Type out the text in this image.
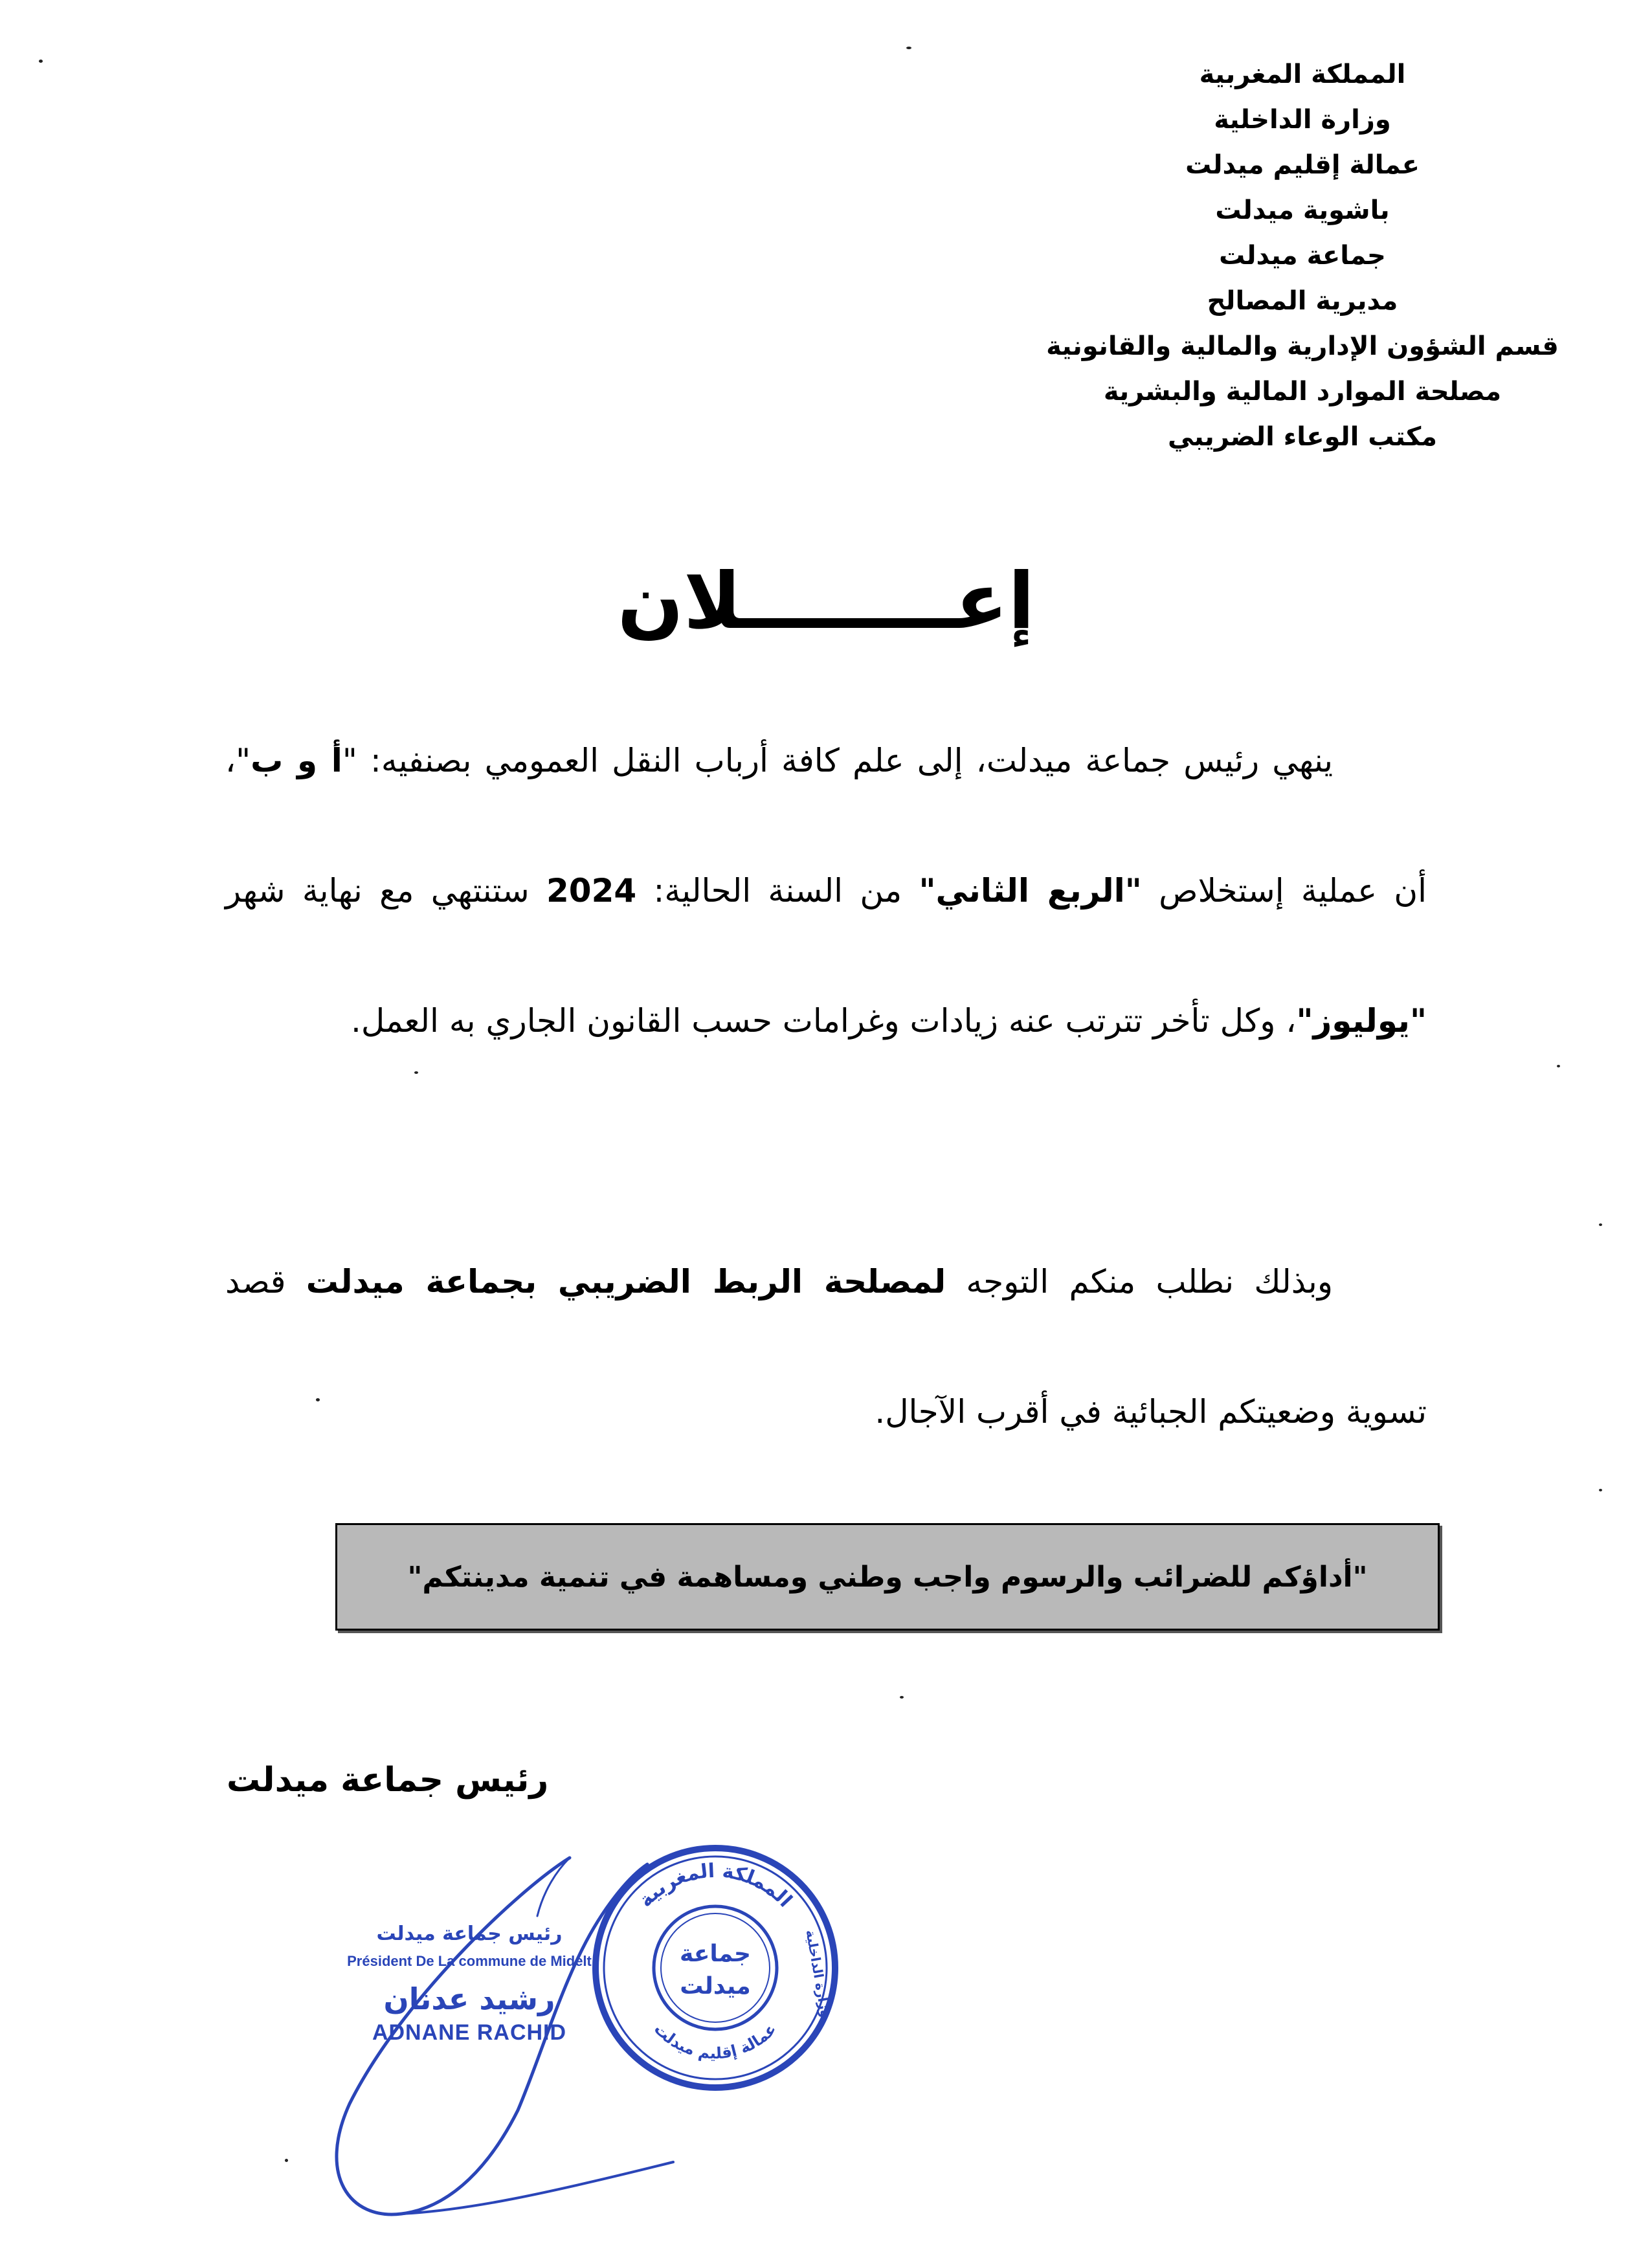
المملكة المغربية
وزارة الداخلية
عمالة إقليم ميدلت
باشوية ميدلت
جماعة ميدلت
مديرية المصالح
قسم الشؤون الإدارية والمالية والقانونية
مصلحة الموارد المالية والبشرية
مكتب الوعاء الضريبي
إعــــــــلان
ينهي رئيس جماعة ميدلت، إلى علم كافة أرباب النقل العمومي بصنفيه: "أ و ب"، أن عملية إستخلاص "الربع الثاني" من السنة الحالية: 2024 ستنتهي مع نهاية شهر "يوليوز"، وكل تأخر تترتب عنه زيادات وغرامات حسب القانون الجاري به العمل.
وبذلك نطلب منكم التوجه لمصلحة الربط الضريبي بجماعة ميدلت قصد تسوية وضعيتكم الجبائية في أقرب الآجال.
"أداؤكم للضرائب والرسوم واجب وطني ومساهمة في تنمية مدينتكم"
رئيس جماعة ميدلت
رئيس جماعة ميدلت
Président De La commune de Midelt
رشيد عدنان
ADNANE RACHID
المملكة المغربية
عمالة إقليم ميدلت
جماعة
ميدلت	وزارة الداخلية
